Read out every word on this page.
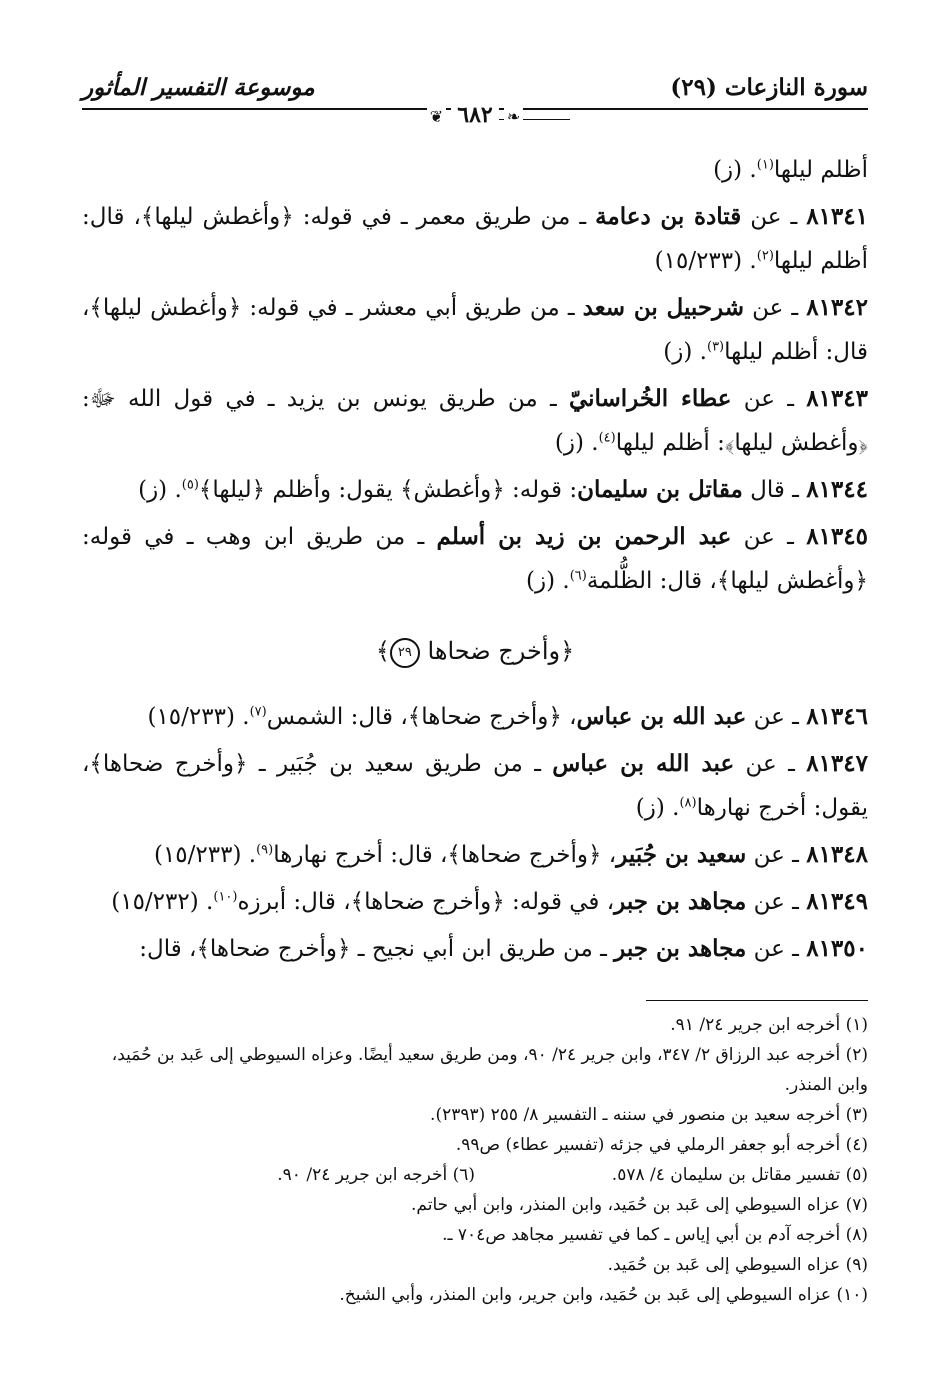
سورة النازعات (٢٩)
موسوعة التفسير المأثور
❦ ٦٨٢ ❧

أظلم ليلها$^{(١)}$. (ز)

٨١٣٤١ ـ عن قتادة بن دعامة ـ من طريق معمر ـ في قوله: ﴿وأغطش ليلها﴾، قال: أظلم ليلها$^{(٢)}$. (١٥/٢٣٣)

٨١٣٤٢ ـ عن شرحبيل بن سعد ـ من طريق أبي معشر ـ في قوله: ﴿وأغطش ليلها﴾، قال: أظلم ليلها$^{(٣)}$. (ز)

٨١٣٤٣ ـ عن عطاء الخُراسانيّ ـ من طريق يونس بن يزيد ـ في قول الله ﷻ: ﴿وأغطش ليلها﴾: أظلم ليلها$^{(٤)}$. (ز)

٨١٣٤٤ ـ قال مقاتل بن سليمان: قوله: ﴿وأغطش﴾ يقول: وأظلم ﴿ليلها﴾$^{(٥)}$. (ز)

٨١٣٤٥ ـ عن عبد الرحمن بن زيد بن أسلم ـ من طريق ابن وهب ـ في قوله: ﴿وأغطش ليلها﴾، قال: الظُّلمة$^{(٦)}$. (ز)

﴿وأخرج ضحاها ٢٩﴾

٨١٣٤٦ ـ عن عبد الله بن عباس، ﴿وأخرج ضحاها﴾، قال: الشمس$^{(٧)}$. (١٥/٢٣٣)

٨١٣٤٧ ـ عن عبد الله بن عباس ـ من طريق سعيد بن جُبَير ـ ﴿وأخرج ضحاها﴾، يقول: أخرج نهارها$^{(٨)}$. (ز)

٨١٣٤٨ ـ عن سعيد بن جُبَير، ﴿وأخرج ضحاها﴾، قال: أخرج نهارها$^{(٩)}$. (١٥/٢٣٣)

٨١٣٤٩ ـ عن مجاهد بن جبر، في قوله: ﴿وأخرج ضحاها﴾، قال: أبرزه$^{(١٠)}$. (١٥/٢٣٢)

٨١٣٥٠ ـ عن مجاهد بن جبر ـ من طريق ابن أبي نجيح ـ ﴿وأخرج ضحاها﴾، قال:

(١) أخرجه ابن جرير ٢٤/ ٩١.

(٢) أخرجه عبد الرزاق ٢/ ٣٤٧، وابن جرير ٢٤/ ٩٠، ومن طريق سعيد أيضًا. وعزاه السيوطي إلى عَبد بن حُمَيد، وابن المنذر.

(٣) أخرجه سعيد بن منصور في سننه ـ التفسير ٨/ ٢٥٥ (٢٣٩٣).

(٤) أخرجه أبو جعفر الرملي في جزئه (تفسير عطاء) ص٩٩.

(٥) تفسير مقاتل بن سليمان ٤/ ٥٧٨.

(٦) أخرجه ابن جرير ٢٤/ ٩٠.

(٧) عزاه السيوطي إلى عَبد بن حُمَيد، وابن المنذر، وابن أبي حاتم.

(٨) أخرجه آدم بن أبي إياس ـ كما في تفسير مجاهد ص٧٠٤ ـ.

(٩) عزاه السيوطي إلى عَبد بن حُمَيد.

(١٠) عزاه السيوطي إلى عَبد بن حُمَيد، وابن جرير، وابن المنذر، وأبي الشيخ.
